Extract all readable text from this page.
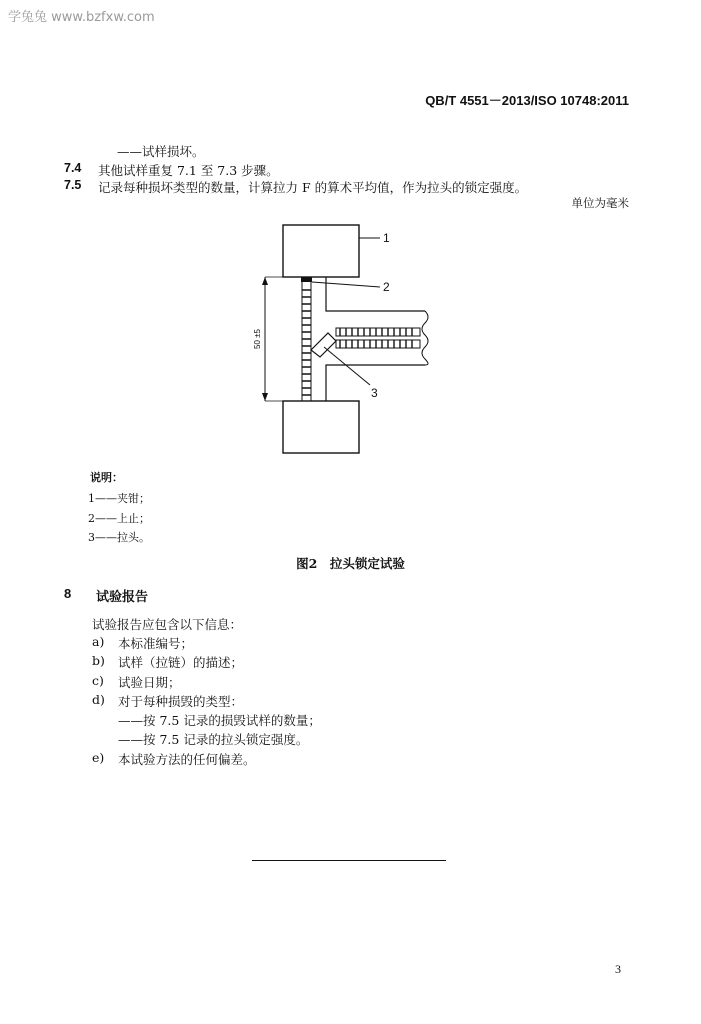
学兔兔 www.bzfxw.com
QB/T 4551－2013/ISO 10748:2011
——试样损坏。
7.4 其他试样重复 7.1 至 7.3 步骤。
7.5 记录每种损坏类型的数量，计算拉力 F 的算术平均值，作为拉头的锁定强度。
单位为毫米
1
50 ±5
2
3
说明：
1——夹钳；
2——上止；
3——拉头。
图2　拉头锁定试验
8 试验报告
试验报告应包含以下信息：
a) 本标准编号；
b) 试样（拉链）的描述；
c) 试验日期；
d) 对于每种损毁的类型：
——按 7.5 记录的损毁试样的数量；
——按 7.5 记录的拉头锁定强度。
e) 本试验方法的任何偏差。
3
